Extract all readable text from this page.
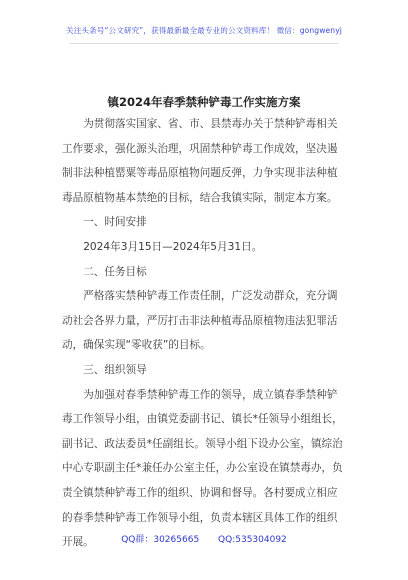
关注头条号“公文研究”，获得最新最全最专业的公文资料库！ 微信：gongwenyj
镇2024年春季禁种铲毒工作实施方案

为贯彻落实国家、省、市、县禁毒办关于禁种铲毒相关工作要求，强化源头治理，巩固禁种铲毒工作成效，坚决遏制非法种植罂粟等毒品原植物问题反弹，力争实现非法种植毒品原植物基本禁绝的目标，结合我镇实际，制定本方案。

一、时间安排

2024年3月15日—2024年5月31日。

二、任务目标

严格落实禁种铲毒工作责任制，广泛发动群众，充分调动社会各界力量，严厉打击非法种植毒品原植物违法犯罪活动，确保实现“零收获”的目标。

三、组织领导

为加强对春季禁种铲毒工作的领导，成立镇春季禁种铲毒工作领导小组，由镇党委副书记、镇长*任领导小组组长，副书记、政法委员*任副组长。领导小组下设办公室，镇综治中心专职副主任*兼任办公室主任，办公室设在镇禁毒办，负责全镇禁种铲毒工作的组织、协调和督导。各村要成立相应的春季禁种铲毒工作领导小组，负责本辖区具体工作的组织开展。	QQ群：30265665 QQ:535304092
